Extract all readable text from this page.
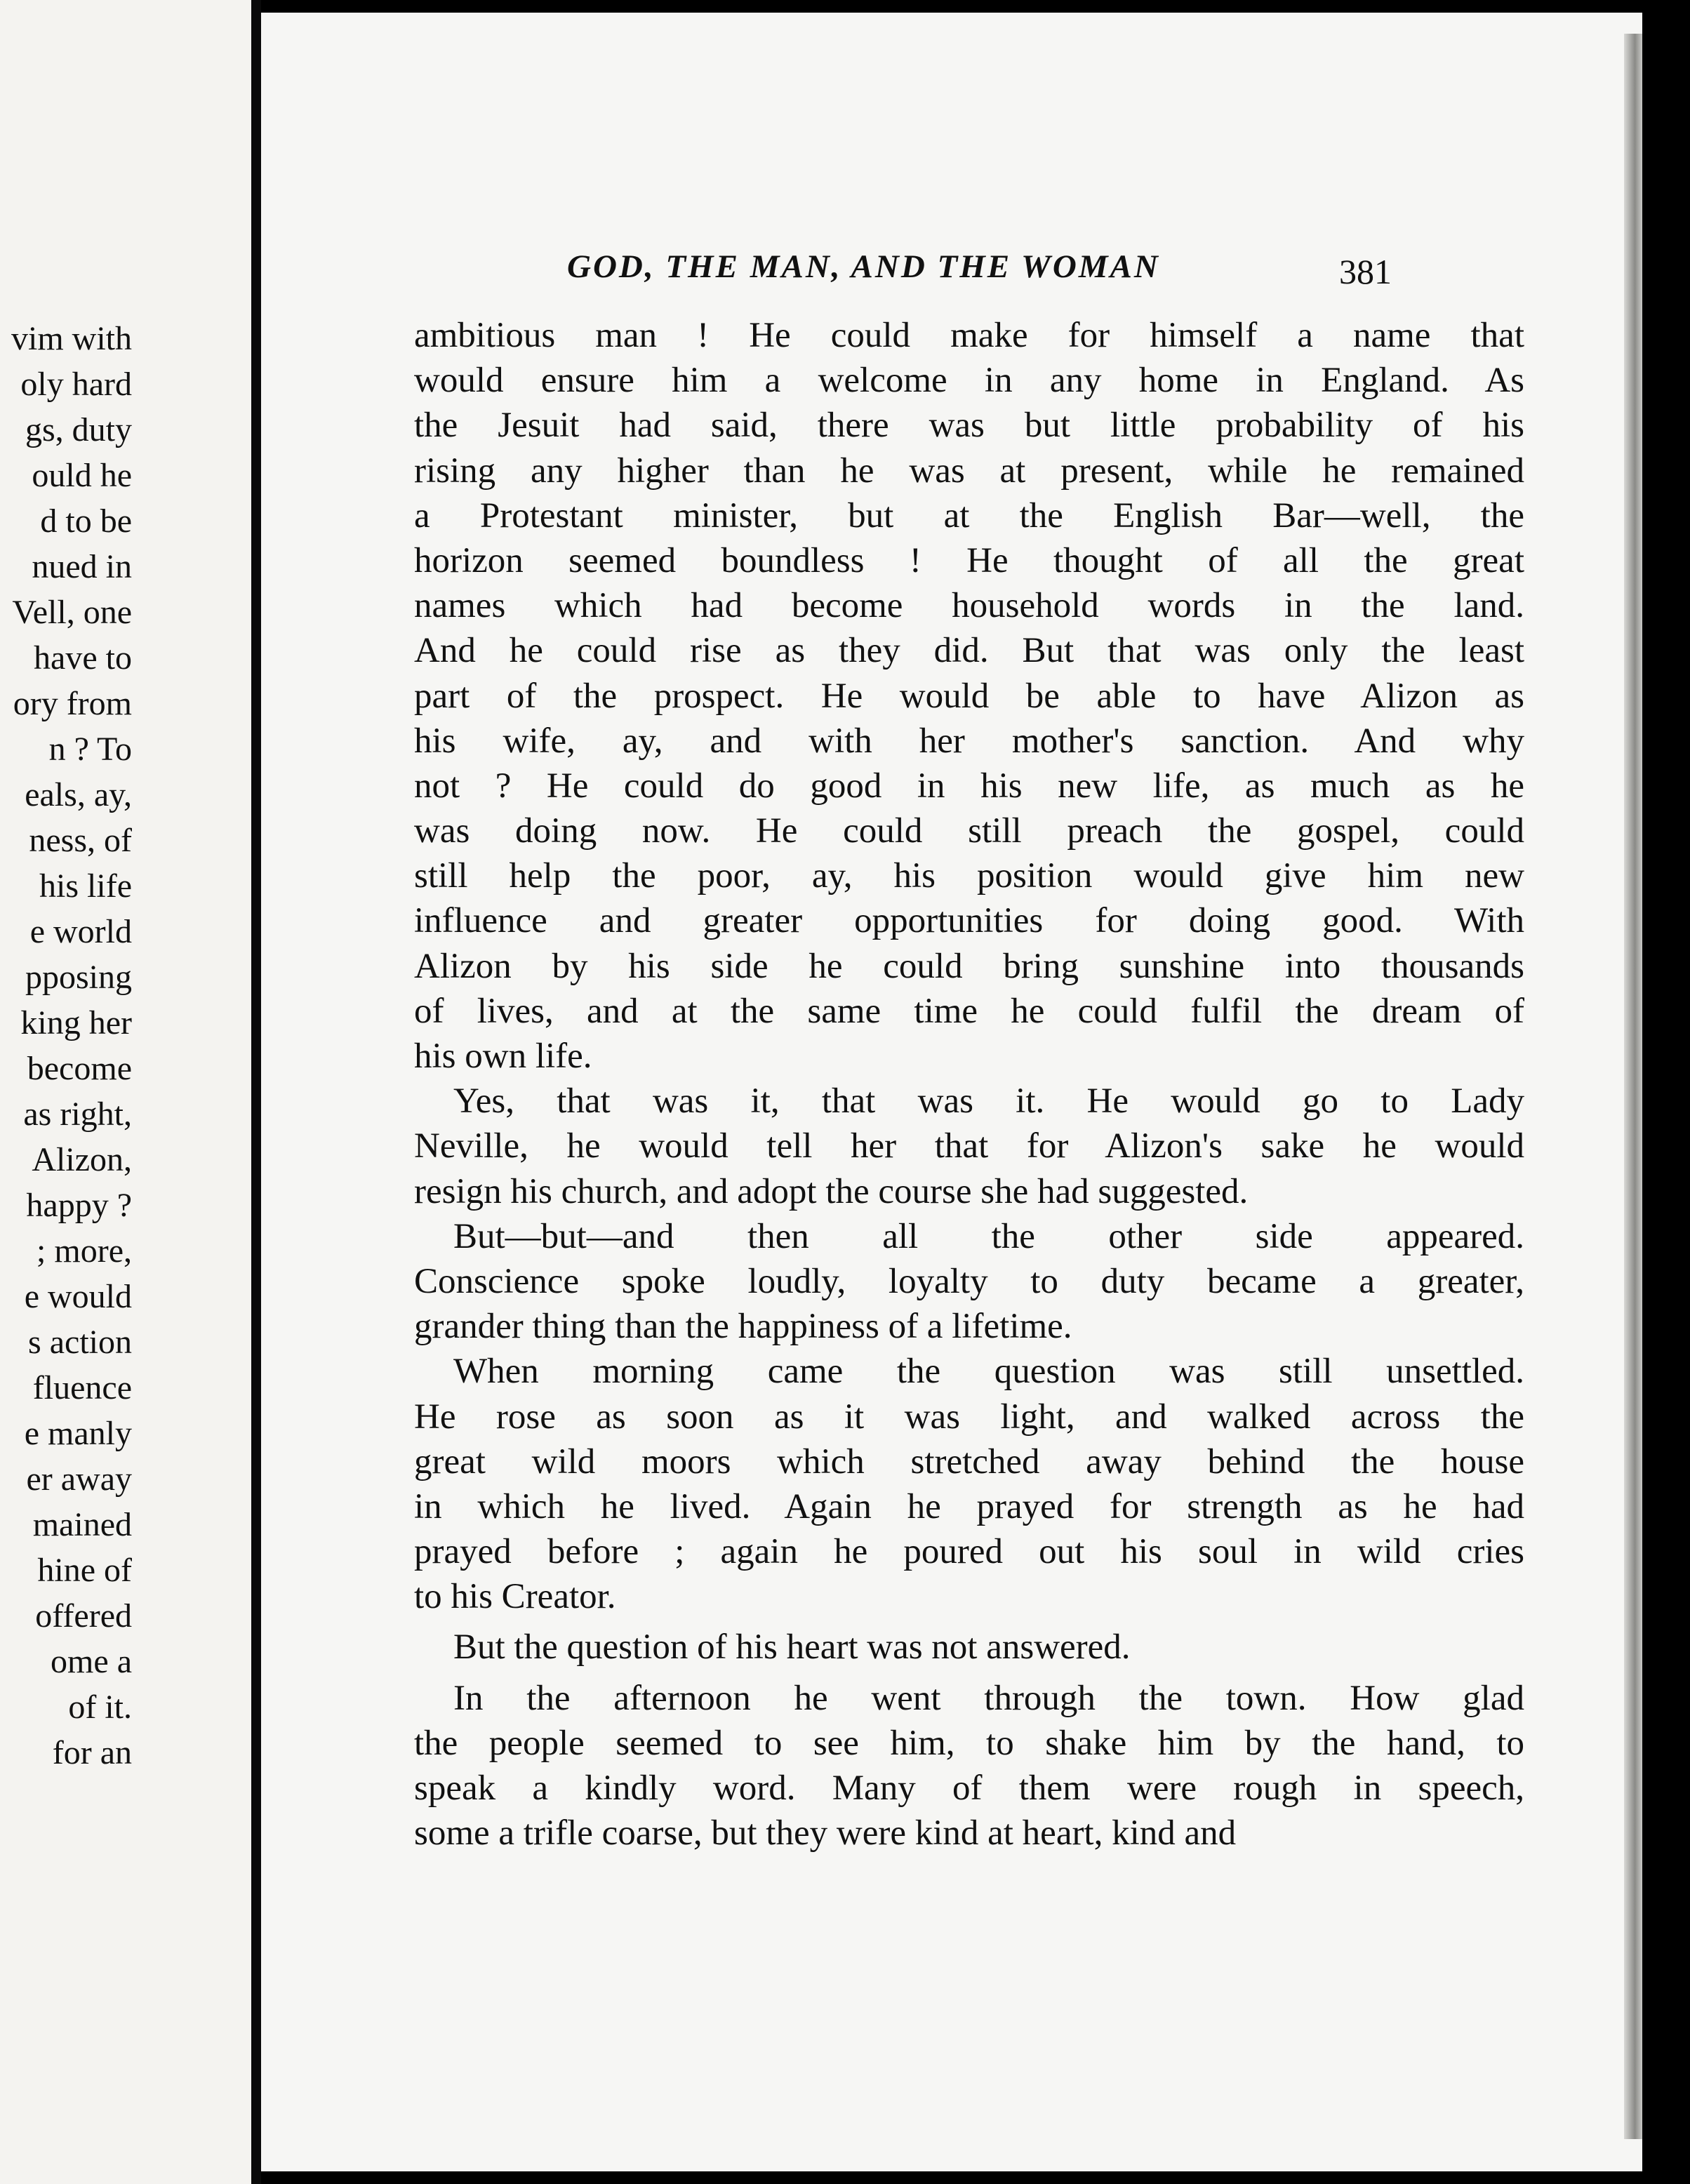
vim with
oly hard
gs, duty
ould he
d to be
nued in
Vell, one
have to
ory from
n ? To
eals, ay,
ness, of
his life
e world
pposing
king her
become
as right,
Alizon,
happy ?
; more,
e would
s action
fluence
e manly
er away
mained
hine of
offered
ome a
of it.
for an
GOD, THE MAN, AND THE WOMAN	381
ambitious man ! He could make for himself a name that
would ensure him a welcome in any home in England. As
the Jesuit had said, there was but little probability of his
rising any higher than he was at present, while he remained
a Protestant minister, but at the English Bar—well, the
horizon seemed boundless ! He thought of all the great
names which had become household words in the land.
And he could rise as they did. But that was only the least
part of the prospect. He would be able to have Alizon as
his wife, ay, and with her mother's sanction. And why
not ? He could do good in his new life, as much as he
was doing now. He could still preach the gospel, could
still help the poor, ay, his position would give him new
influence and greater opportunities for doing good. With
Alizon by his side he could bring sunshine into thousands
of lives, and at the same time he could fulfil the dream of
his own life.
Yes, that was it, that was it. He would go to Lady
Neville, he would tell her that for Alizon's sake he would
resign his church, and adopt the course she had suggested.
But—but—and then all the other side appeared.
Conscience spoke loudly, loyalty to duty became a greater,
grander thing than the happiness of a lifetime.
When morning came the question was still unsettled.
He rose as soon as it was light, and walked across the
great wild moors which stretched away behind the house
in which he lived. Again he prayed for strength as he had
prayed before ; again he poured out his soul in wild cries
to his Creator.
But the question of his heart was not answered.
In the afternoon he went through the town. How glad
the people seemed to see him, to shake him by the hand, to
speak a kindly word. Many of them were rough in speech,
some a trifle coarse, but they were kind at heart, kind and
